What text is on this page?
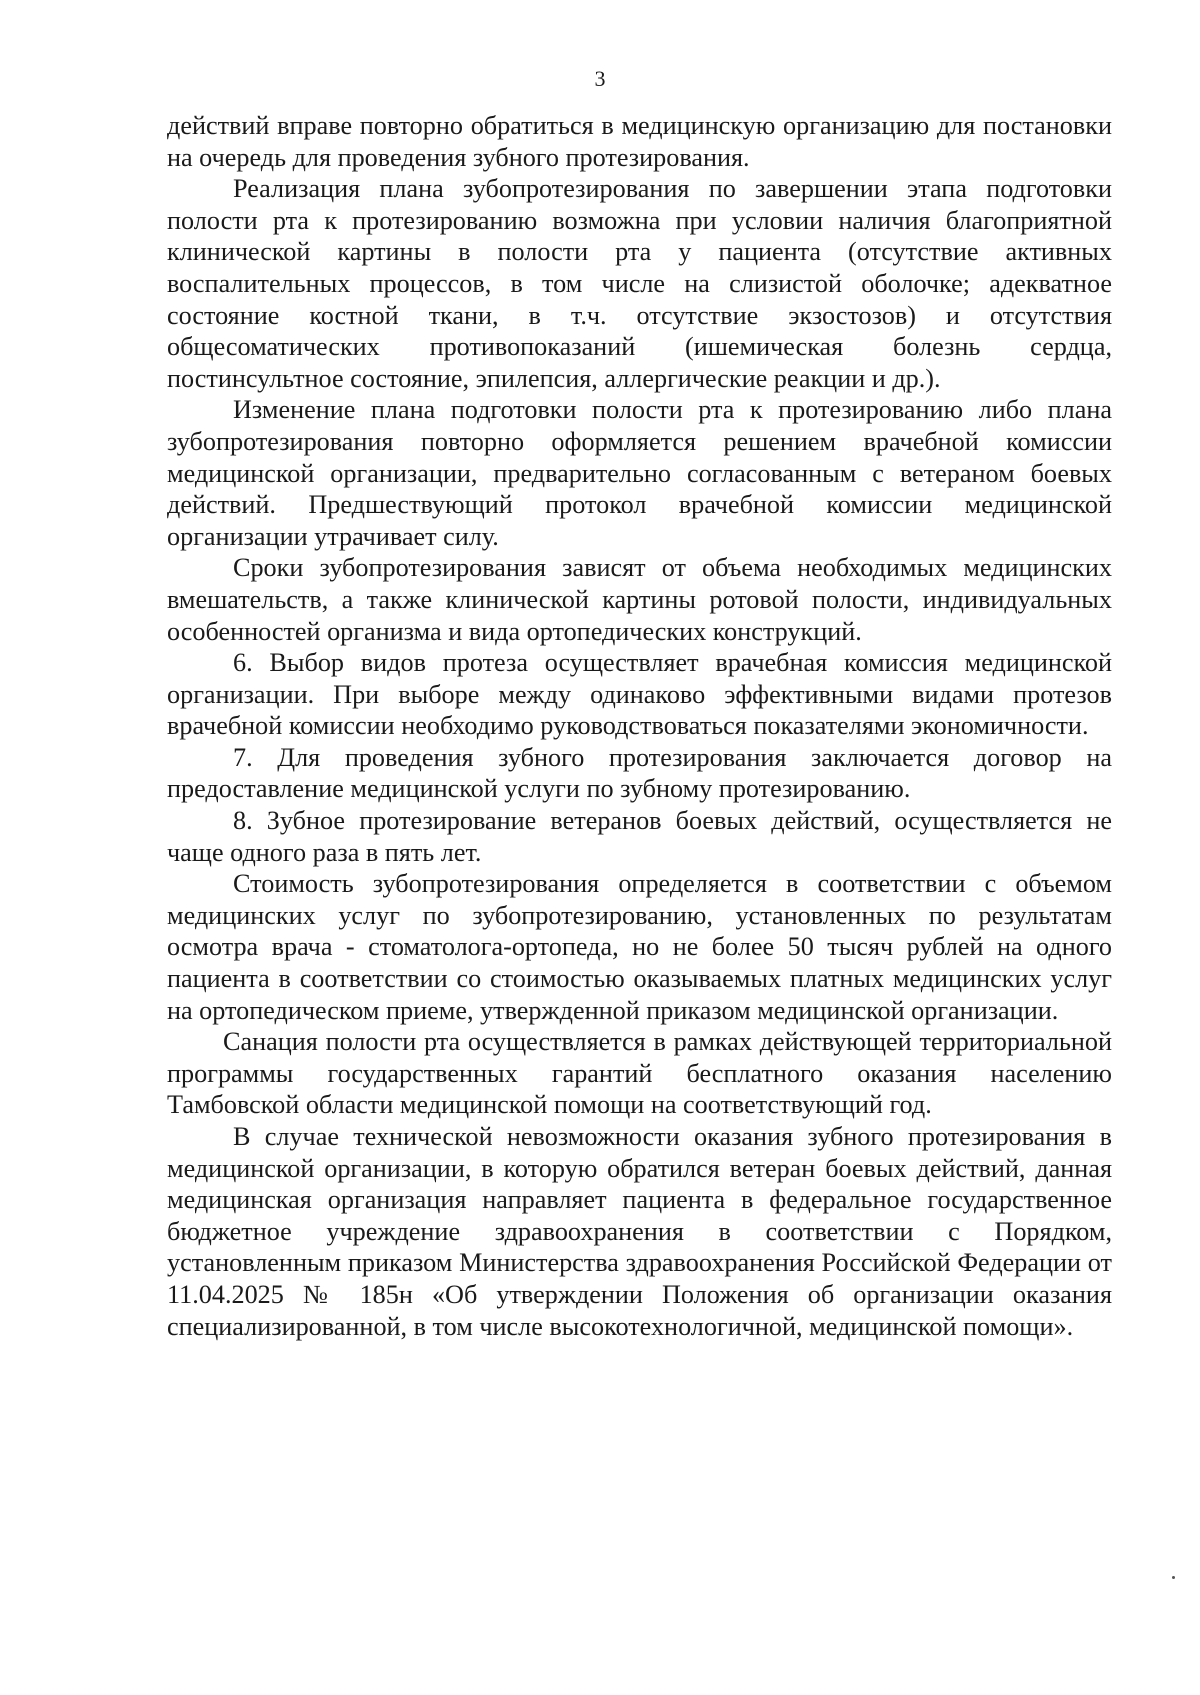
3

действий вправе повторно обратиться в медицинскую организацию для постановки на очередь для проведения зубного протезирования.

Реализация плана зубопротезирования по завершении этапа подготовки полости рта к протезированию возможна при условии наличия благоприятной клинической картины в полости рта у пациента (отсутствие активных воспалительных процессов, в том числе на слизистой оболочке; адекватное состояние костной ткани, в т.ч. отсутствие экзостозов) и отсутствия общесоматических противопоказаний (ишемическая болезнь сердца, постинсультное состояние, эпилепсия, аллергические реакции и др.).

Изменение плана подготовки полости рта к протезированию либо плана зубопротезирования повторно оформляется решением врачебной комиссии медицинской организации, предварительно согласованным с ветераном боевых действий. Предшествующий протокол врачебной комиссии медицинской организации утрачивает силу.

Сроки зубопротезирования зависят от объема необходимых медицинских вмешательств, а также клинической картины ротовой полости, индивидуальных особенностей организма и вида ортопедических конструкций.

6. Выбор видов протеза осуществляет врачебная комиссия медицинской организации. При выборе между одинаково эффективными видами протезов врачебной комиссии необходимо руководствоваться показателями экономичности.

7. Для проведения зубного протезирования заключается договор на предоставление медицинской услуги по зубному протезированию.

8. Зубное протезирование ветеранов боевых действий, осуществляется не чаще одного раза в пять лет.

Стоимость зубопротезирования определяется в соответствии с объемом медицинских услуг по зубопротезированию, установленных по результатам осмотра врача - стоматолога-ортопеда, но не более 50 тысяч рублей на одного пациента в соответствии со стоимостью оказываемых платных медицинских услуг на ортопедическом приеме, утвержденной приказом медицинской организации.

Санация полости рта осуществляется в рамках действующей территориальной программы государственных гарантий бесплатного оказания населению Тамбовской области медицинской помощи на соответствующий год.

В случае технической невозможности оказания зубного протезирования в медицинской организации, в которую обратился ветеран боевых действий, данная медицинская организация направляет пациента в федеральное государственное бюджетное учреждение здравоохранения в соответствии с Порядком, установленным приказом Министерства здравоохранения Российской Федерации от 11.04.2025 № 185н «Об утверждении Положения об организации оказания специализированной, в том числе высокотехнологичной, медицинской помощи».
